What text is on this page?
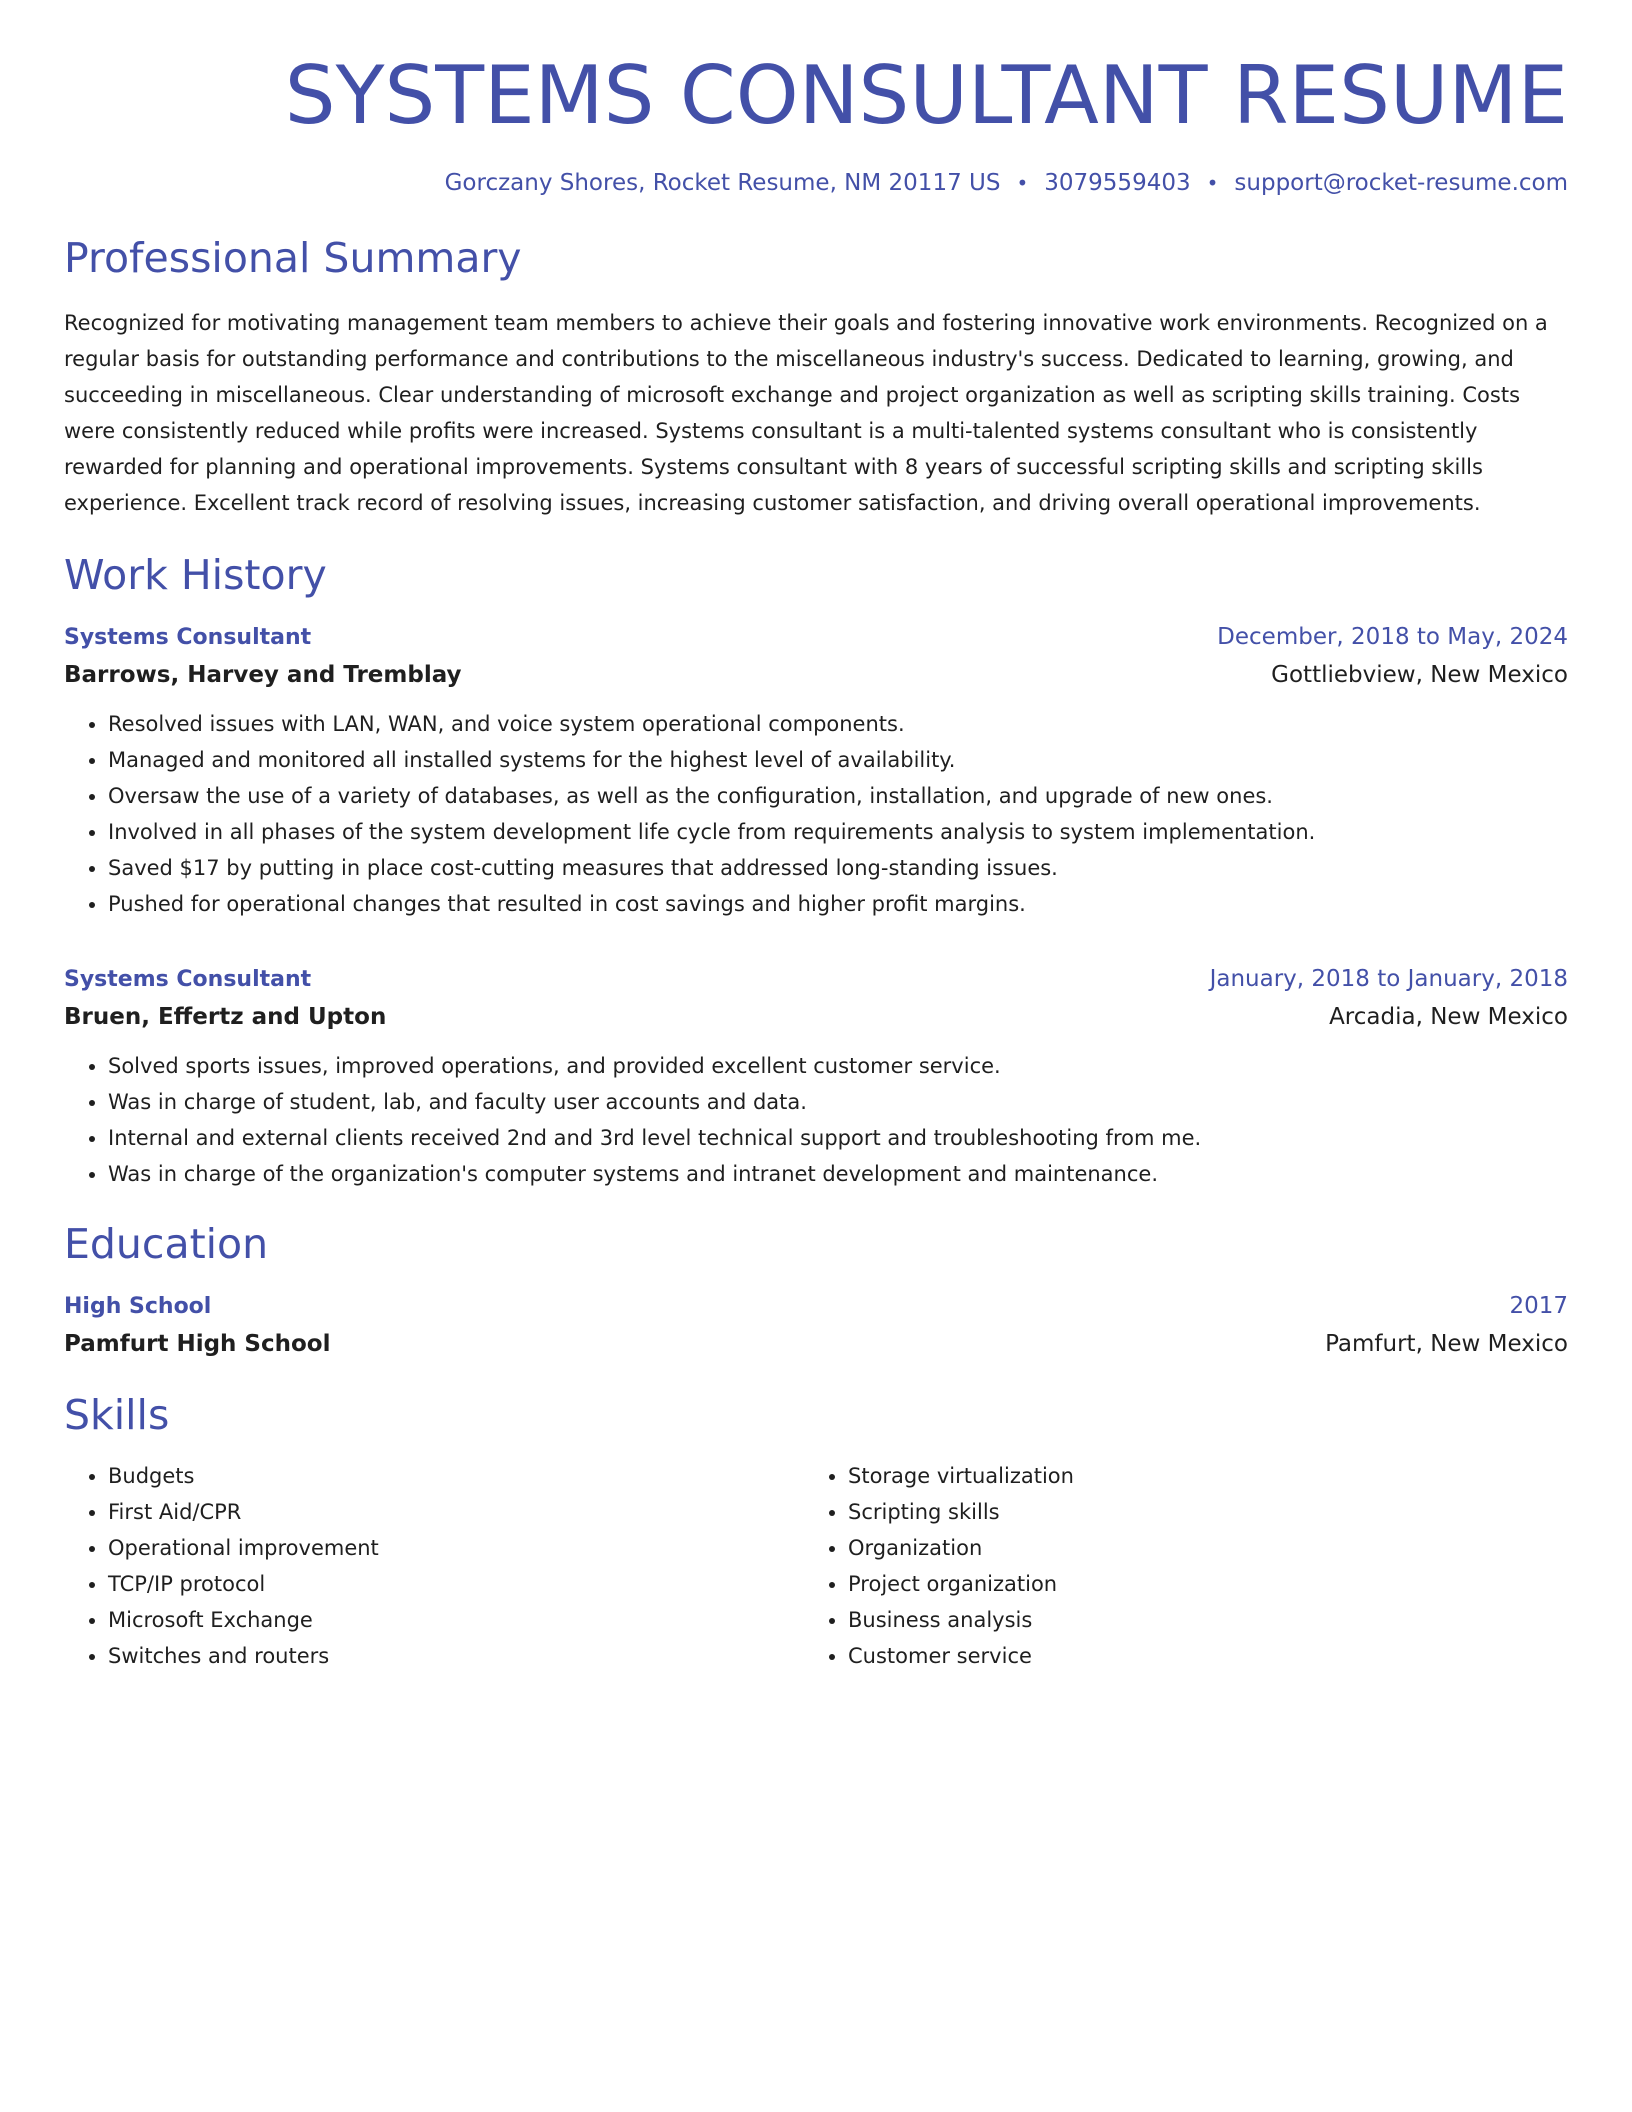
SYSTEMS CONSULTANT RESUME
Gorczany Shores, Rocket Resume, NM 20117 US • 3079559403 • support@rocket-resume.com
Professional Summary
Recognized for motivating management team members to achieve their goals and fostering innovative work environments. Recognized on a regular basis for outstanding performance and contributions to the miscellaneous industry's success. Dedicated to learning, growing, and succeeding in miscellaneous. Clear understanding of microsoft exchange and project organization as well as scripting skills training. Costs were consistently reduced while profits were increased. Systems consultant is a multi-talented systems consultant who is consistently rewarded for planning and operational improvements. Systems consultant with 8 years of successful scripting skills and scripting skills experience. Excellent track record of resolving issues, increasing customer satisfaction, and driving overall operational improvements.
Work History
Systems Consultant	December, 2018 to May, 2024
Barrows, Harvey and Tremblay	Gottliebview, New Mexico
• Resolved issues with LAN, WAN, and voice system operational components.
• Managed and monitored all installed systems for the highest level of availability.
• Oversaw the use of a variety of databases, as well as the configuration, installation, and upgrade of new ones.
• Involved in all phases of the system development life cycle from requirements analysis to system implementation.
• Saved $17 by putting in place cost-cutting measures that addressed long-standing issues.
• Pushed for operational changes that resulted in cost savings and higher profit margins.
Systems Consultant	January, 2018 to January, 2018
Bruen, Effertz and Upton	Arcadia, New Mexico
• Solved sports issues, improved operations, and provided excellent customer service.
• Was in charge of student, lab, and faculty user accounts and data.
• Internal and external clients received 2nd and 3rd level technical support and troubleshooting from me.
• Was in charge of the organization's computer systems and intranet development and maintenance.
Education
High School	2017
Pamfurt High School	Pamfurt, New Mexico
Skills
• Budgets
• First Aid/CPR
• Operational improvement
• TCP/IP protocol
• Microsoft Exchange
• Switches and routers
• Storage virtualization
• Scripting skills
• Organization
• Project organization
• Business analysis
• Customer service
